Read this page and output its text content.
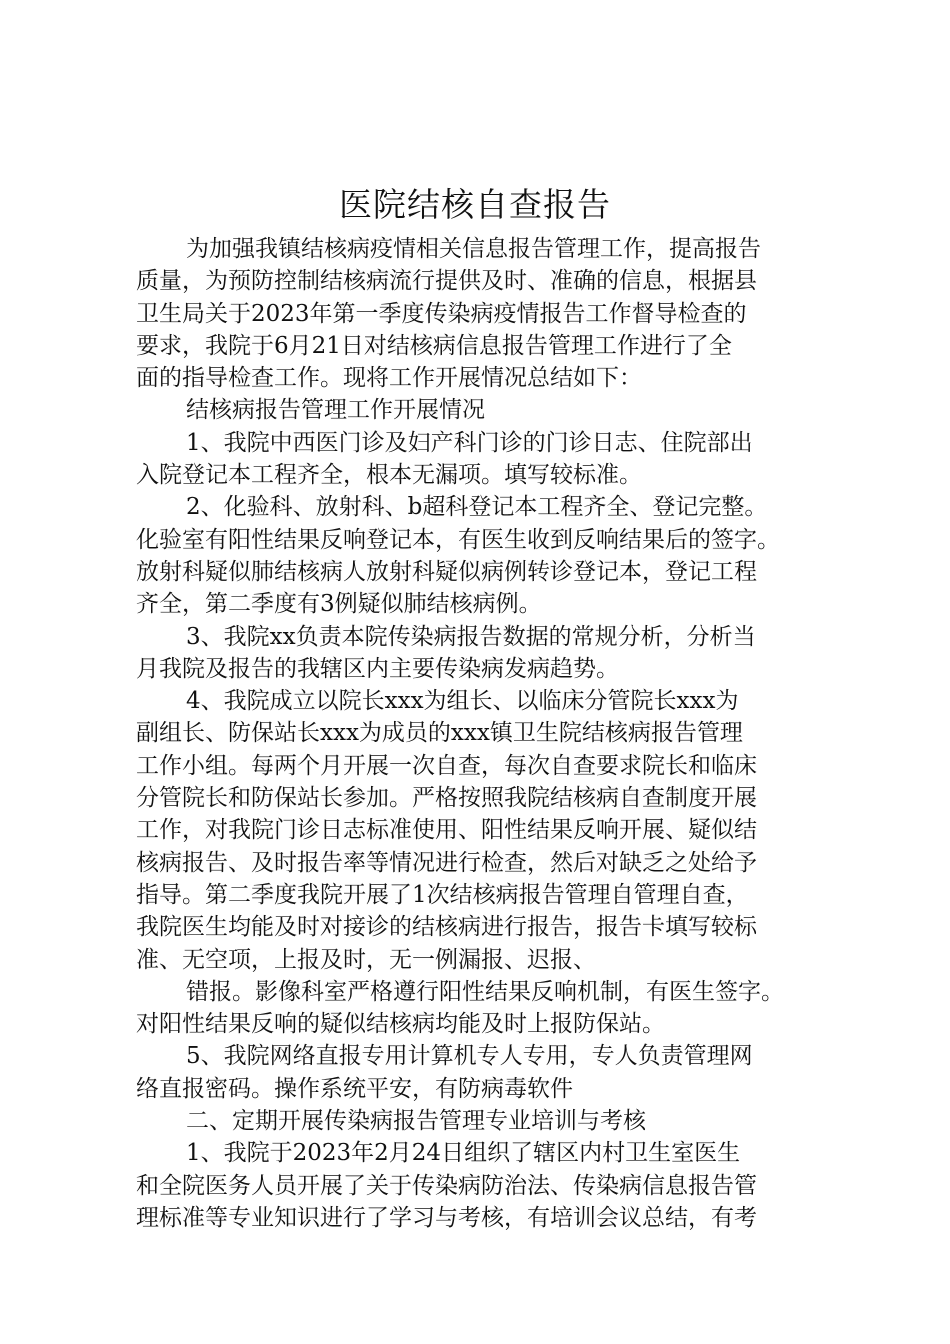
医院结核自查报告
为加强我镇结核病疫情相关信息报告管理工作，提高报告
质量，为预防控制结核病流行提供及时、准确的信息，根据县
卫生局关于2023年第一季度传染病疫情报告工作督导检查的
要求，我院于6月21日对结核病信息报告管理工作进行了全
面的指导检查工作。现将工作开展情况总结如下：
结核病报告管理工作开展情况
1、我院中西医门诊及妇产科门诊的门诊日志、住院部出
入院登记本工程齐全，根本无漏项。填写较标准。
2、化验科、放射科、b超科登记本工程齐全、登记完整。
化验室有阳性结果反响登记本，有医生收到反响结果后的签字。
放射科疑似肺结核病人放射科疑似病例转诊登记本，登记工程
齐全，第二季度有3例疑似肺结核病例。
3、我院xx负责本院传染病报告数据的常规分析，分析当
月我院及报告的我辖区内主要传染病发病趋势。
4、我院成立以院长xxx为组长、以临床分管院长xxx为
副组长、防保站长xxx为成员的xxx镇卫生院结核病报告管理
工作小组。每两个月开展一次自查，每次自查要求院长和临床
分管院长和防保站长参加。严格按照我院结核病自查制度开展
工作，对我院门诊日志标准使用、阳性结果反响开展、疑似结
核病报告、及时报告率等情况进行检查，然后对缺乏之处给予
指导。第二季度我院开展了1次结核病报告管理自管理自查，
我院医生均能及时对接诊的结核病进行报告，报告卡填写较标
准、无空项，上报及时，无一例漏报、迟报、
错报。影像科室严格遵行阳性结果反响机制，有医生签字。
对阳性结果反响的疑似结核病均能及时上报防保站。
5、我院网络直报专用计算机专人专用，专人负责管理网
络直报密码。操作系统平安，有防病毒软件
二、定期开展传染病报告管理专业培训与考核
1、我院于2023年2月24日组织了辖区内村卫生室医生
和全院医务人员开展了关于传染病防治法、传染病信息报告管
理标准等专业知识进行了学习与考核，有培训会议总结，有考
